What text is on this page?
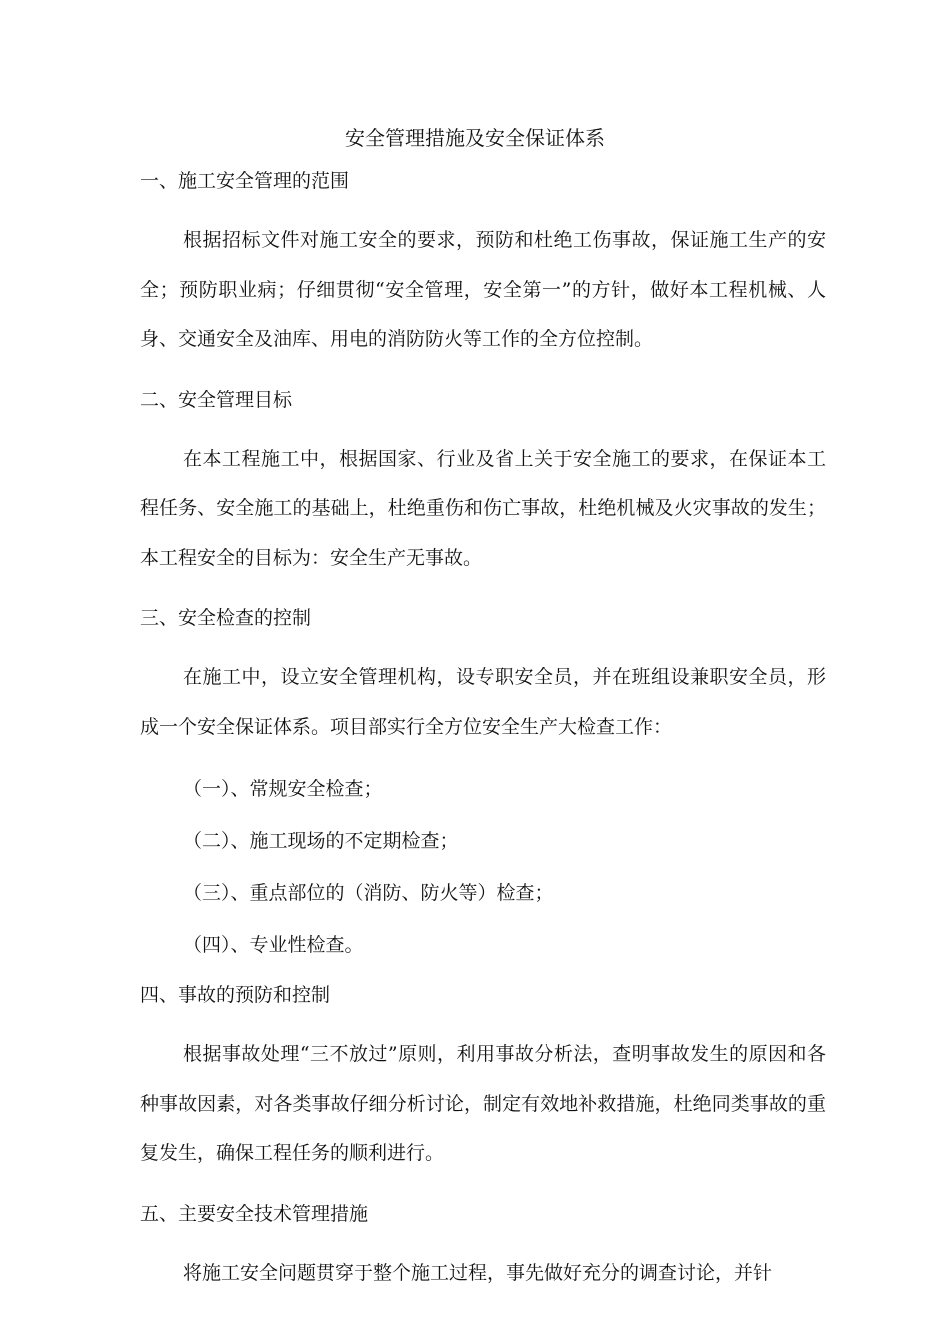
安全管理措施及安全保证体系
一、施工安全管理的范围

根据招标文件对施工安全的要求，预防和杜绝工伤事故，保证施工生产的安全；预防职业病；仔细贯彻“安全管理，安全第一”的方针，做好本工程机械、人身、交通安全及油库、用电的消防防火等工作的全方位控制。

二、安全管理目标

在本工程施工中，根据国家、行业及省上关于安全施工的要求，在保证本工程任务、安全施工的基础上，杜绝重伤和伤亡事故，杜绝机械及火灾事故的发生；本工程安全的目标为：安全生产无事故。

三、安全检查的控制

在施工中，设立安全管理机构，设专职安全员，并在班组设兼职安全员，形成一个安全保证体系。项目部实行全方位安全生产大检查工作：

（一）、常规安全检查；
（二）、施工现场的不定期检查；
（三）、重点部位的（消防、防火等）检查；
（四）、专业性检查。
四、事故的预防和控制

根据事故处理“三不放过”原则，利用事故分析法，查明事故发生的原因和各种事故因素，对各类事故仔细分析讨论，制定有效地补救措施，杜绝同类事故的重复发生，确保工程任务的顺利进行。

五、主要安全技术管理措施

将施工安全问题贯穿于整个施工过程，事先做好充分的调查讨论，并针
